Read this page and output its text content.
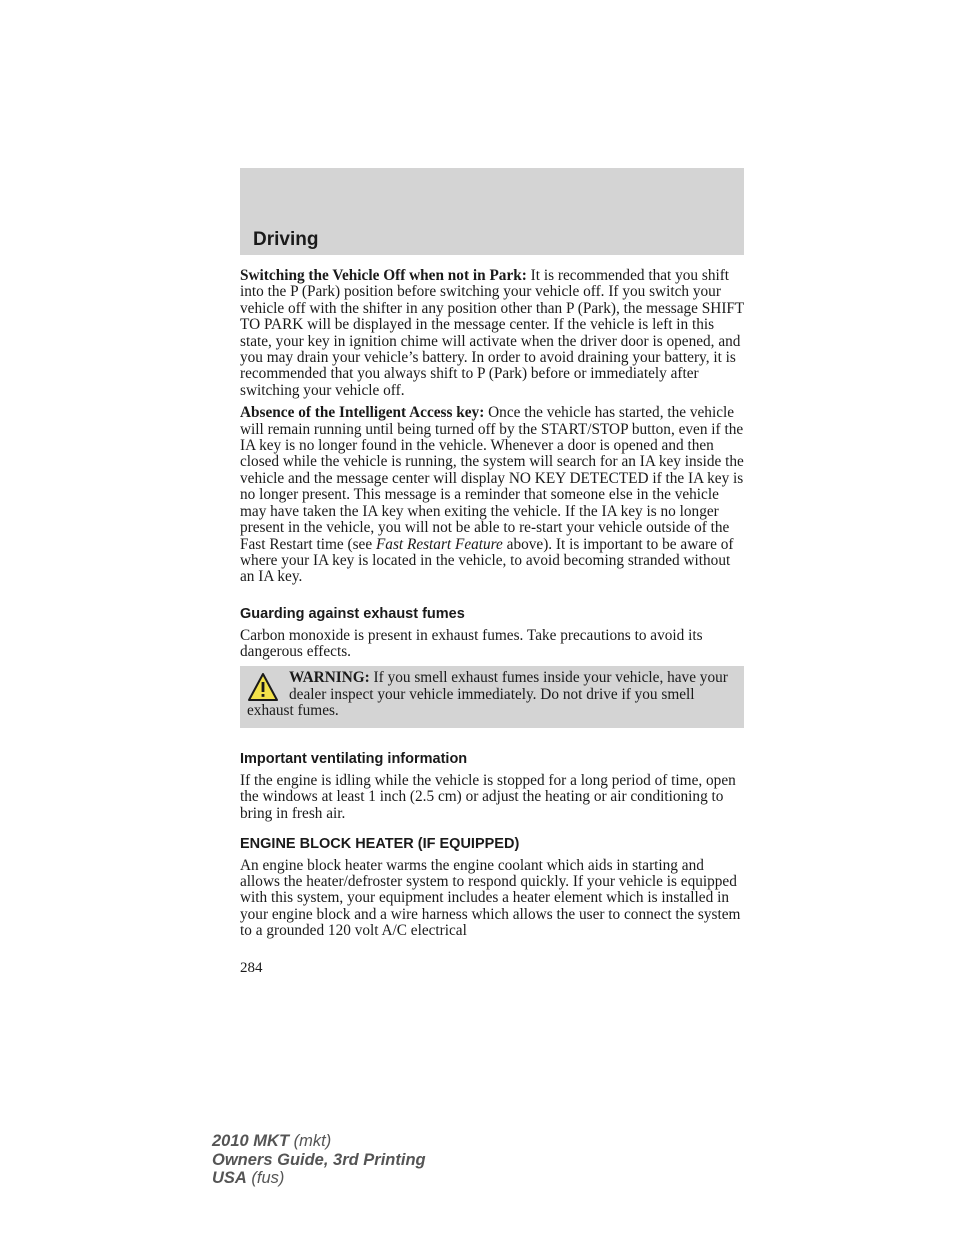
Driving

Switching the Vehicle Off when not in Park: It is recommended that you shift into the P (Park) position before switching your vehicle off. If you switch your vehicle off with the shifter in any position other than P (Park), the message SHIFT TO PARK will be displayed in the message center. If the vehicle is left in this state, your key in ignition chime will activate when the driver door is opened, and you may drain your vehicle’s battery. In order to avoid draining your battery, it is recommended that you always shift to P (Park) before or immediately after switching your vehicle off.

Absence of the Intelligent Access key: Once the vehicle has started, the vehicle will remain running until being turned off by the START/STOP button, even if the IA key is no longer found in the vehicle. Whenever a door is opened and then closed while the vehicle is running, the system will search for an IA key inside the vehicle and the message center will display NO KEY DETECTED if the IA key is no longer present. This message is a reminder that someone else in the vehicle may have taken the IA key when exiting the vehicle. If the IA key is no longer present in the vehicle, you will not be able to re-start your vehicle outside of the Fast Restart time (see Fast Restart Feature above). It is important to be aware of where your IA key is located in the vehicle, to avoid becoming stranded without an IA key.

Guarding against exhaust fumes

Carbon monoxide is present in exhaust fumes. Take precautions to avoid its dangerous effects.

WARNING: If you smell exhaust fumes inside your vehicle, have your dealer inspect your vehicle immediately. Do not drive if you smell exhaust fumes.
Important ventilating information

If the engine is idling while the vehicle is stopped for a long period of time, open the windows at least 1 inch (2.5 cm) or adjust the heating or air conditioning to bring in fresh air.

ENGINE BLOCK HEATER (IF EQUIPPED)

An engine block heater warms the engine coolant which aids in starting and allows the heater/defroster system to respond quickly. If your vehicle is equipped with this system, your equipment includes a heater element which is installed in your engine block and a wire harness which allows the user to connect the system to a grounded 120 volt A/C electrical

284
2010 MKT (mkt)
Owners Guide, 3rd Printing
USA (fus)
